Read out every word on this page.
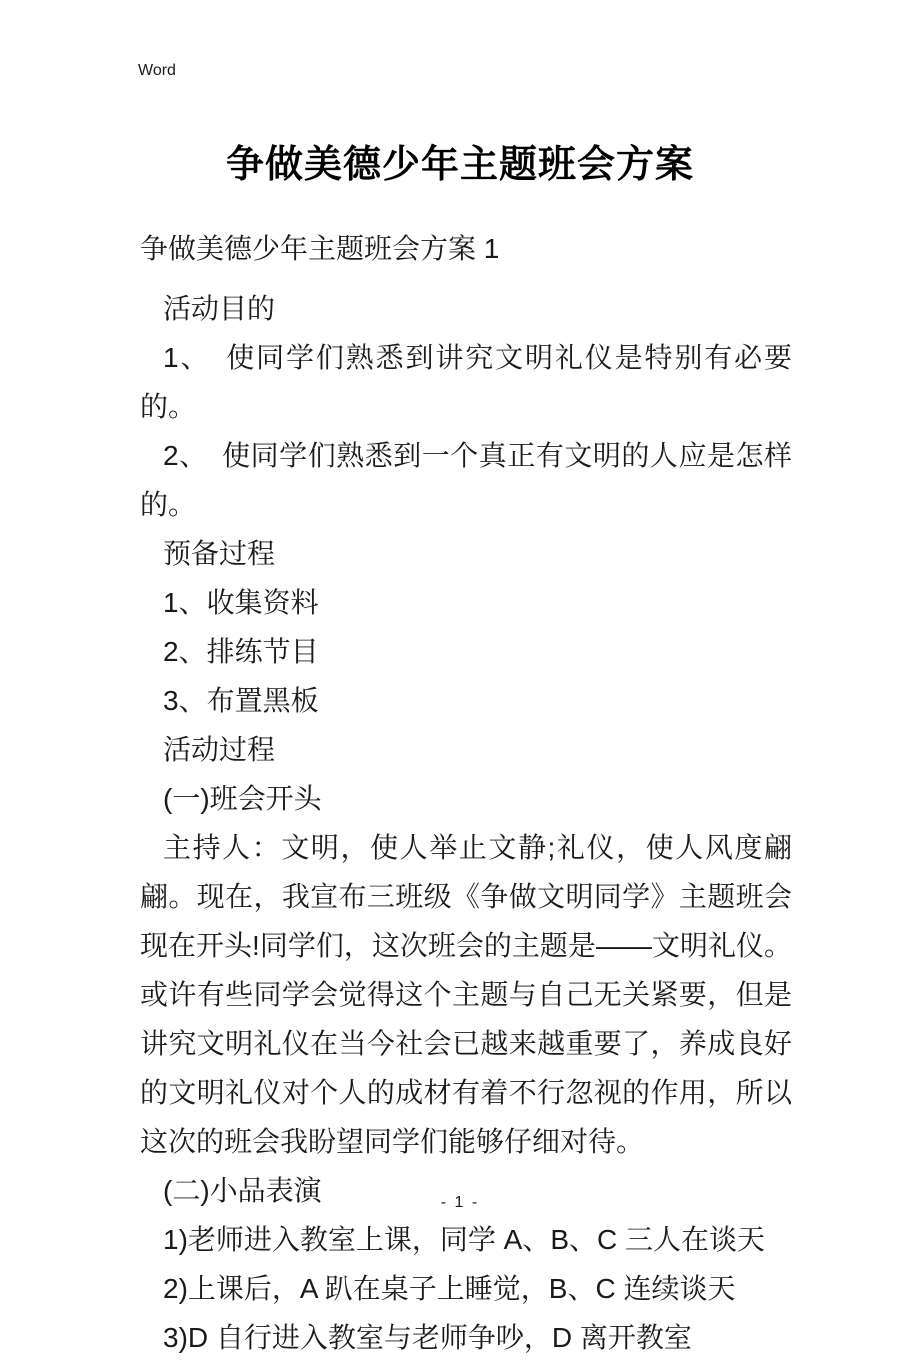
Word
争做美德少年主题班会方案

争做美德少年主题班会方案 1

活动目的

1、　使同学们熟悉到讲究文明礼仪是特别有必要的。

2、　使同学们熟悉到一个真正有文明的人应是怎样的。

预备过程

1、收集资料

2、排练节目

3、布置黑板

活动过程

(一)班会开头

主持人：文明，使人举止文静;礼仪，使人风度翩翩。现在，我宣布三班级《争做文明同学》主题班会现在开头!同学们，这次班会的主题是——文明礼仪。或许有些同学会觉得这个主题与自己无关紧要，但是讲究文明礼仪在当今社会已越来越重要了，养成良好的文明礼仪对个人的成材有着不行忽视的作用，所以这次的班会我盼望同学们能够仔细对待。

(二)小品表演

1)老师进入教室上课，同学 A、B、C 三人在谈天

2)上课后，A 趴在桌子上睡觉，B、C 连续谈天

3)D 自行进入教室与老师争吵，D 离开教室

- 1 -
